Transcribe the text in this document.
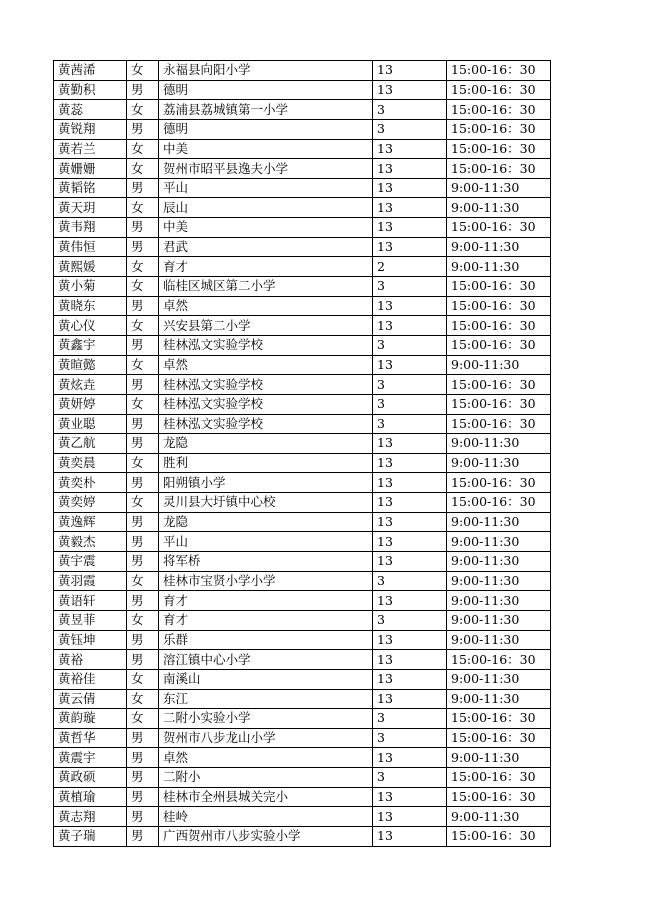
黄茜浠	女	永福县向阳小学	13	15:00-16：30
黄勤积	男	德明	13	15:00-16：30
黄蕊	女	荔浦县荔城镇第一小学	3	15:00-16：30
黄锐翔	男	德明	3	15:00-16：30
黄若兰	女	中美	13	15:00-16：30
黄姗姗	女	贺州市昭平县逸夫小学	13	15:00-16：30
黄韬铭	男	平山	13	9:00-11:30
黄天玥	女	辰山	13	9:00-11:30
黄韦翔	男	中美	13	15:00-16：30
黄伟恒	男	君武	13	9:00-11:30
黄熙媛	女	育才	2	9:00-11:30
黄小菊	女	临桂区城区第二小学	3	15:00-16：30
黄晓东	男	卓然	13	15:00-16：30
黄心仪	女	兴安县第二小学	13	15:00-16：30
黄鑫宇	男	桂林泓文实验学校	3	15:00-16：30
黄暄懿	女	卓然	13	9:00-11:30
黄炫垚	男	桂林泓文实验学校	3	15:00-16：30
黄妍婷	女	桂林泓文实验学校	3	15:00-16：30
黄业聪	男	桂林泓文实验学校	3	15:00-16：30
黄乙航	男	龙隐	13	9:00-11:30
黄奕晨	女	胜利	13	9:00-11:30
黄奕朴	男	阳朔镇小学	13	15:00-16：30
黄奕婷	女	灵川县大圩镇中心校	13	15:00-16：30
黄逸辉	男	龙隐	13	9:00-11:30
黄毅杰	男	平山	13	9:00-11:30
黄宇震	男	将军桥	13	9:00-11:30
黄羽霞	女	桂林市宝贤小学小学	3	9:00-11:30
黄语轩	男	育才	13	9:00-11:30
黄昱菲	女	育才	3	9:00-11:30
黄钰坤	男	乐群	13	9:00-11:30
黄裕	男	溶江镇中心小学	13	15:00-16：30
黄裕佳	女	南溪山	13	9:00-11:30
黄云倩	女	东江	13	9:00-11:30
黄韵璇	女	二附小实验小学	3	15:00-16：30
黄哲华	男	贺州市八步龙山小学	3	15:00-16：30
黄震宇	男	卓然	13	9:00-11:30
黄政硕	男	二附小	3	15:00-16：30
黄植瑜	男	桂林市全州县城关完小	13	15:00-16：30
黄志翔	男	桂岭	13	9:00-11:30
黄子瑞	男	广西贺州市八步实验小学	13	15:00-16：30
